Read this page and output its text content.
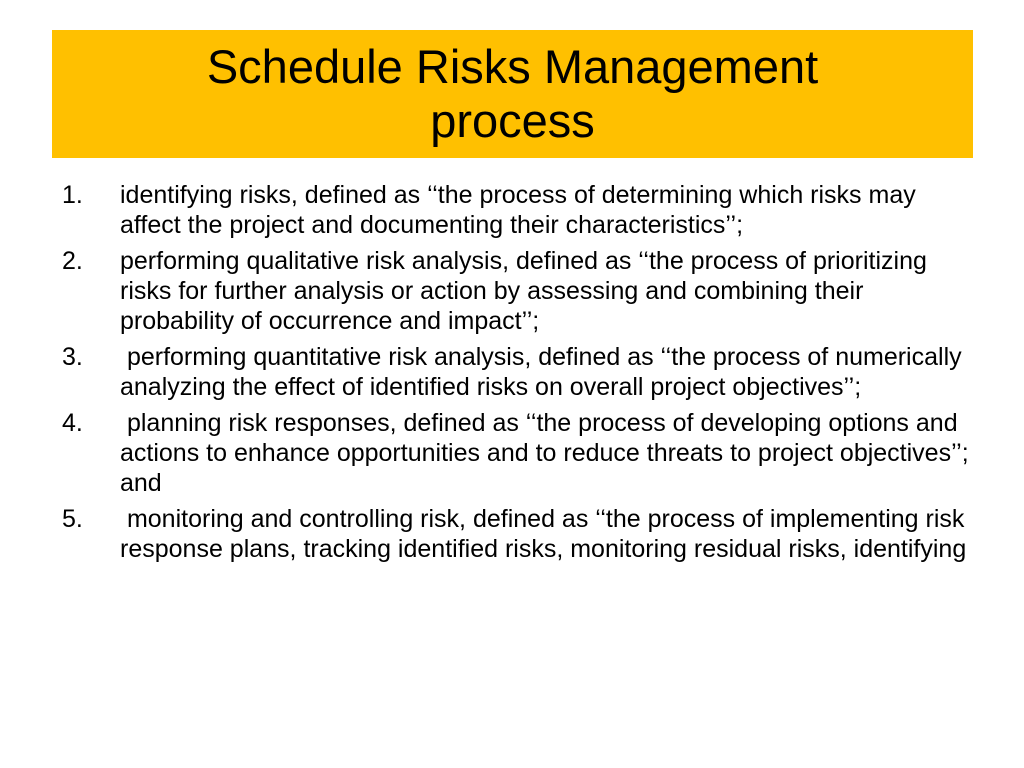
Schedule Risks Management process
1.	identifying risks, defined as ‘‘the process of determining which risks may affect the project and documenting their characteristics’’;
2.	performing qualitative risk analysis, defined as ‘‘the process of prioritizing risks for further analysis or action by assessing and combining their probability of occurrence and impact’’;
3.	performing quantitative risk analysis, defined as ‘‘the process of numerically analyzing the effect of identified risks on overall project objectives’’;
4.	planning risk responses, defined as ‘‘the process of developing options and actions to enhance opportunities and to reduce threats to project objectives’’; and
5.	monitoring and controlling risk, defined as ‘‘the process of implementing risk response plans, tracking identified risks, monitoring residual risks, identifying
